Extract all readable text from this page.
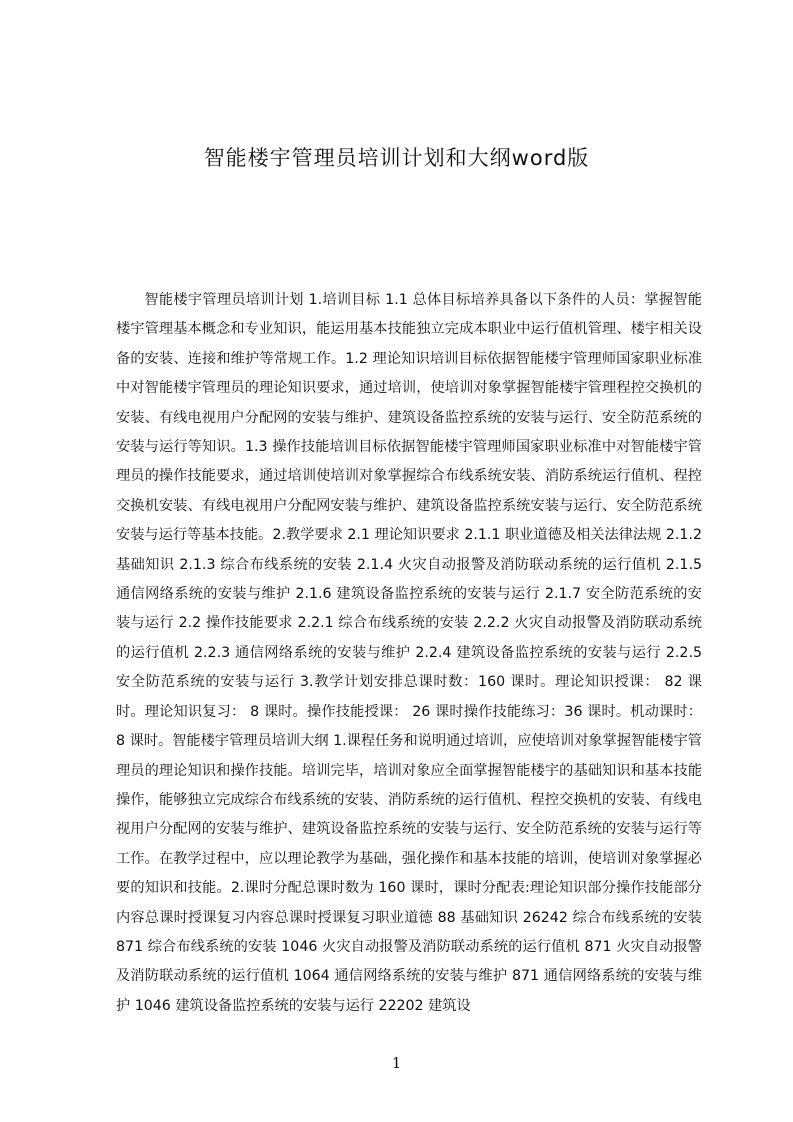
智能楼宇管理员培训计划和大纲word版

智能楼宇管理员培训计划 1.培训目标 1.1 总体目标培养具备以下条件的人员：掌握智能楼宇管理基本概念和专业知识，能运用基本技能独立完成本职业中运行值机管理、楼宇相关设备的安装、连接和维护等常规工作。1.2 理论知识培训目标依据智能楼宇管理师国家职业标准中对智能楼宇管理员的理论知识要求，通过培训，使培训对象掌握智能楼宇管理程控交换机的安装、有线电视用户分配网的安装与维护、建筑设备监控系统的安装与运行、安全防范系统的安装与运行等知识。1.3 操作技能培训目标依据智能楼宇管理师国家职业标准中对智能楼宇管理员的操作技能要求，通过培训使培训对象掌握综合布线系统安装、消防系统运行值机、程控交换机安装、有线电视用户分配网安装与维护、建筑设备监控系统安装与运行、安全防范系统安装与运行等基本技能。2.教学要求 2.1 理论知识要求 2.1.1 职业道德及相关法律法规 2.1.2 基础知识 2.1.3 综合布线系统的安装 2.1.4 火灾自动报警及消防联动系统的运行值机 2.1.5 通信网络系统的安装与维护 2.1.6 建筑设备监控系统的安装与运行 2.1.7 安全防范系统的安装与运行 2.2 操作技能要求 2.2.1 综合布线系统的安装 2.2.2 火灾自动报警及消防联动系统的运行值机 2.2.3 通信网络系统的安装与维护 2.2.4 建筑设备监控系统的安装与运行 2.2.5 安全防范系统的安装与运行 3.教学计划安排总课时数：160 课时。理论知识授课： 82 课时。理论知识复习： 8 课时。操作技能授课： 26 课时操作技能练习：36 课时。机动课时：8 课时。智能楼宇管理员培训大纲 1.课程任务和说明通过培训，应使培训对象掌握智能楼宇管理员的理论知识和操作技能。培训完毕，培训对象应全面掌握智能楼宇的基础知识和基本技能操作，能够独立完成综合布线系统的安装、消防系统的运行值机、程控交换机的安装、有线电视用户分配网的安装与维护、建筑设备监控系统的安装与运行、安全防范系统的安装与运行等工作。在教学过程中，应以理论教学为基础，强化操作和基本技能的培训，使培训对象掌握必要的知识和技能。2.课时分配总课时数为 160 课时，课时分配表:理论知识部分操作技能部分内容总课时授课复习内容总课时授课复习职业道德 88 基础知识 26242 综合布线系统的安装 871 综合布线系统的安装 1046 火灾自动报警及消防联动系统的运行值机 871 火灾自动报警及消防联动系统的运行值机 1064 通信网络系统的安装与维护 871 通信网络系统的安装与维护 1046 建筑设备监控系统的安装与运行 22202 建筑设

1
